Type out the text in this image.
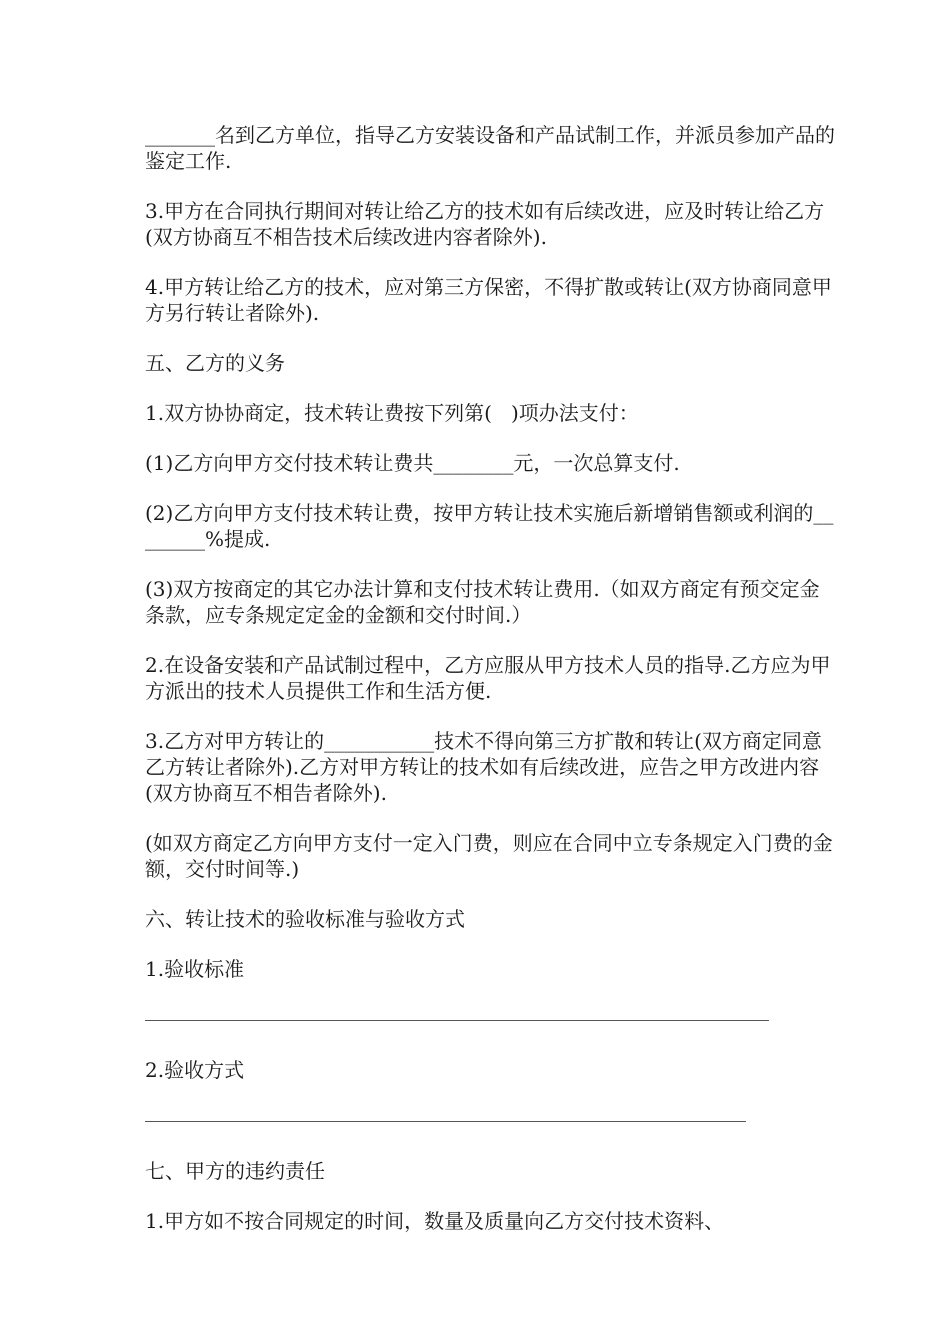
_______名到乙方单位，指导乙方安装设备和产品试制工作，并派员参加产品的鉴定工作.

3.甲方在合同执行期间对转让给乙方的技术如有后续改进，应及时转让给乙方(双方协商互不相告技术后续改进内容者除外).

4.甲方转让给乙方的技术，应对第三方保密，不得扩散或转让(双方协商同意甲方另行转让者除外).

五、乙方的义务

1.双方协协商定，技术转让费按下列第(   )项办法支付：

(1)乙方向甲方交付技术转让费共________元，一次总算支付.

(2)乙方向甲方支付技术转让费，按甲方转让技术实施后新增销售额或利润的________%提成.

(3)双方按商定的其它办法计算和支付技术转让费用.（如双方商定有预交定金条款，应专条规定定金的金额和交付时间.）

2.在设备安装和产品试制过程中，乙方应服从甲方技术人员的指导.乙方应为甲方派出的技术人员提供工作和生活方便.

3.乙方对甲方转让的___________技术不得向第三方扩散和转让(双方商定同意乙方转让者除外).乙方对甲方转让的技术如有后续改进，应告之甲方改进内容(双方协商互不相告者除外).

(如双方商定乙方向甲方支付一定入门费，则应在合同中立专条规定入门费的金额，交付时间等.)

六、转让技术的验收标准与验收方式

1.验收标准

2.验收方式

七、甲方的违约责任

1.甲方如不按合同规定的时间，数量及质量向乙方交付技术资料、
